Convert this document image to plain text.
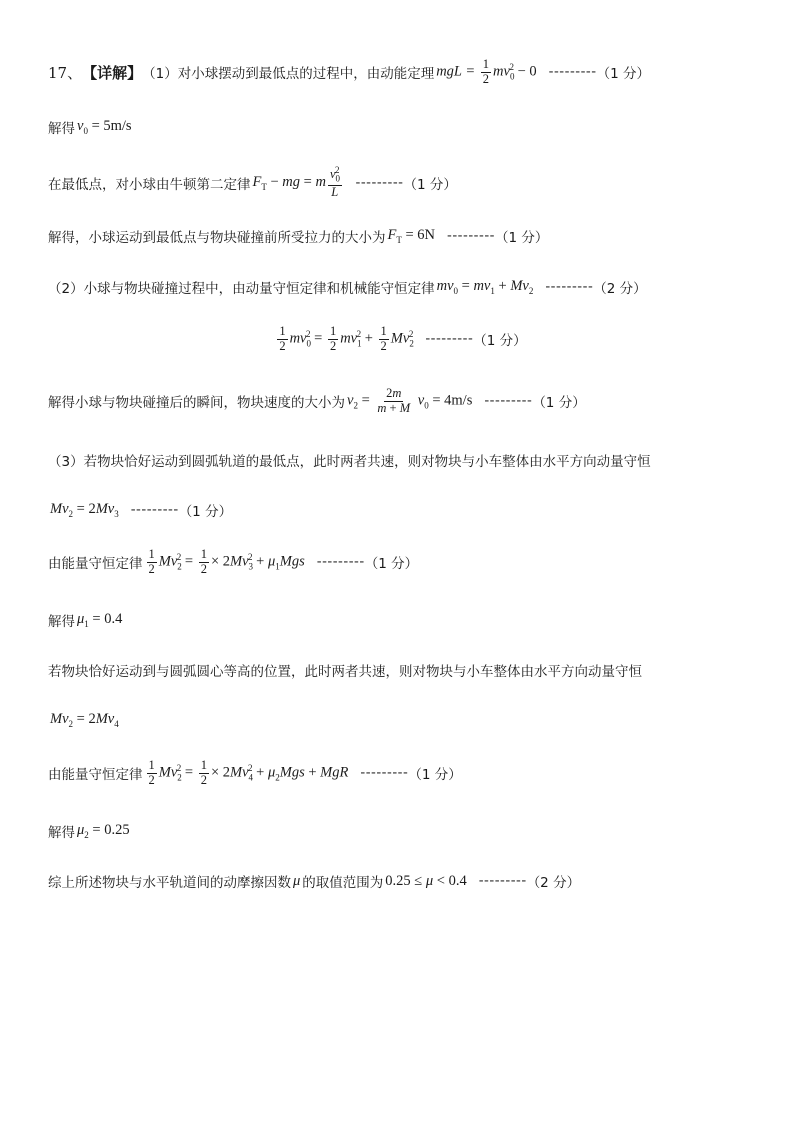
17、 【详解】 （1）对小球摆动到最低点的过程中，由动能定理 mgL = $\frac{1}{2} mv_0^2 - 0$ --------- （1 分）
解得 $v_0 = 5m/s$
在最低点，对小球由牛顿第二定律 $F_T$ − mg = m $\frac{v_0^2}{L}$ --------- （1 分）
解得，小球运动到最低点与物块碰撞前所受拉力的大小为 $F_T = 6N$ --------- （1 分）
（2）小球与物块碰撞过程中，由动量守恒定律和机械能守恒定律 $mv_0 = mv_1 + Mv_2$ --------- （2 分）
$\frac{1}{2} mv_0^2 = \frac{1}{2} mv_1^2 + \frac{1}{2} Mv_2^2$ --------- （1 分）
解得小球与物块碰撞后的瞬间，物块速度的大小为 $v_2 = \frac{2m}{m + M} v_0 = 4m/s$ --------- （1 分）
（3）若物块恰好运动到圆弧轨道的最低点，此时两者共速，则对物块与小车整体由水平方向动量守恒
$Mv_2 = 2Mv_3$ --------- （1 分）
由能量守恒定律 $\frac{1}{2} Mv_2^2 = \frac{1}{2} \times 2Mv_3^2 + \mu_1Mgs$ --------- （1 分）
解得 $\mu_1 = 0.4$
若物块恰好运动到与圆弧圆心等高的位置，此时两者共速，则对物块与小车整体由水平方向动量守恒
$Mv_2 = 2Mv_4$
由能量守恒定律 $\frac{1}{2} Mv_2^2 = \frac{1}{2} \times 2Mv_4^2 + \mu_2Mgs$ + MgR --------- （1 分）
解得 $\mu_2 = 0.25$
综上所述物块与水平轨道间的动摩擦因数 μ 的取值范围为 0.25 ≤ μ < 0.4 --------- （2 分）
